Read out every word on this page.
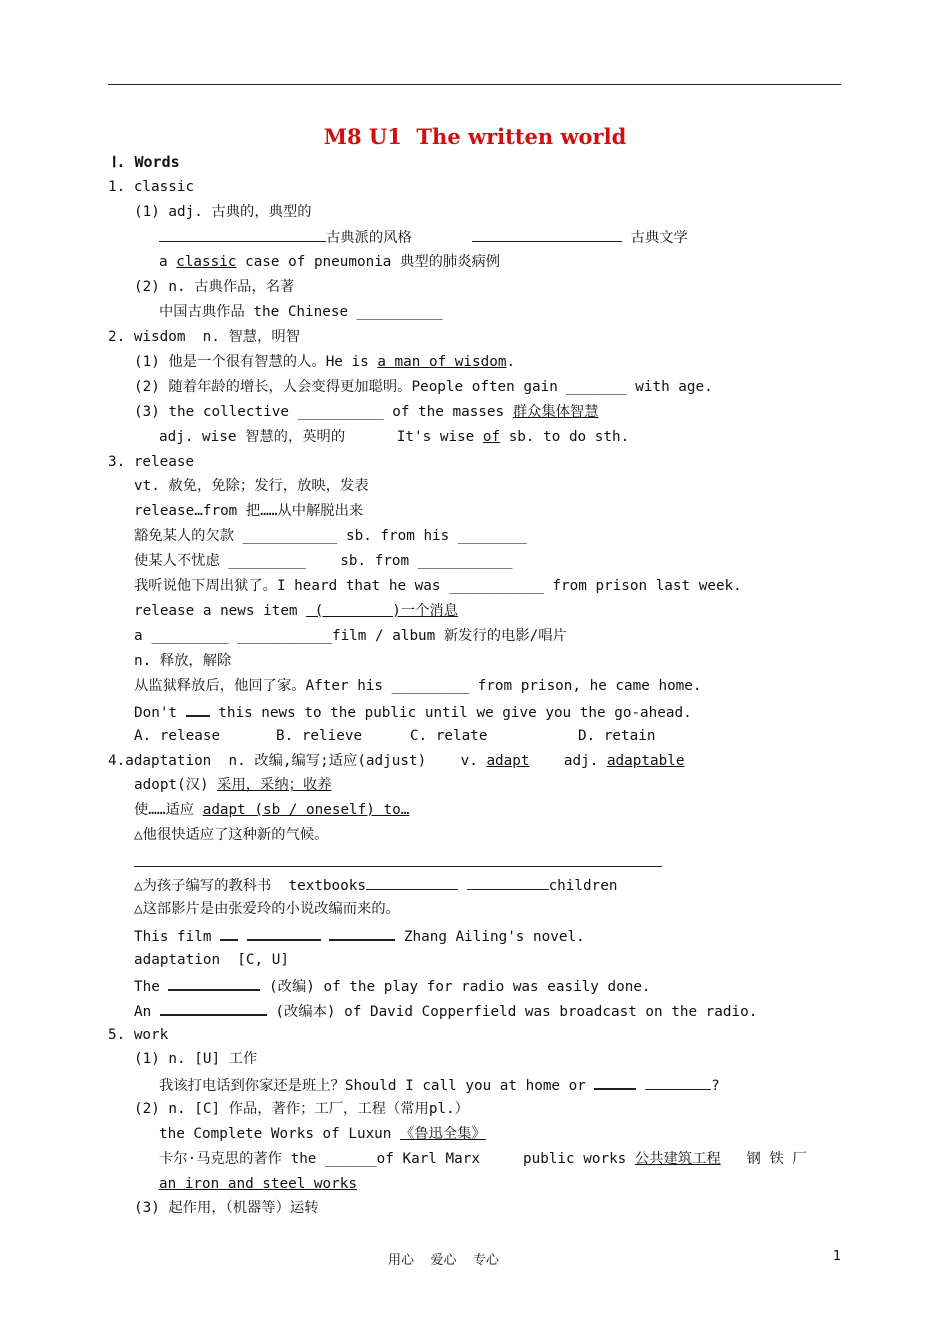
M8 U1  The written world
Ⅰ. Words
1. classic
(1) adj. 古典的，典型的
古典派的风格	古典文学
a classic case of pneumonia 典型的肺炎病例
(2) n. 古典作品，名著
中国古典作品 the Chinese __________
2. wisdom  n. 智慧，明智
(1) 他是一个很有智慧的人。He is a man of wisdom.
(2) 随着年龄的增长，人会变得更加聪明。People often gain _______ with age.
(3) the collective __________ of the masses 群众集体智慧
adj. wise 智慧的，英明的      It's wise of sb. to do sth.
3. release
vt. 赦免，免除；发行，放映，发表
release…from 把……从中解脱出来
豁免某人的欠款 ___________ sb. from his ________
使某人不忧虑 _________    sb. from ___________
我听说他下周出狱了。I heard that he was ___________ from prison last week.
release a news item  (        )一个消息
a _________ ___________film / album 新发行的电影/唱片
n. 释放，解除
从监狱释放后，他回了家。After his _________ from prison, he came home.
Don't  this news to the public until we give you the go-ahead.
A. release	B. relieve	C. relate	D. retain
4.adaptation  n. 改编,编写;适应(adjust)    v. adapt    adj. adaptable
adopt(汉) 采用，采纳；收养
使……适应 adapt (sb / oneself) to…
△他很快适应了这种新的气候。
△为孩子编写的教科书  textbooks	children
△这部影片是由张爱玲的小说改编而来的。
This film	Zhang Ailing's novel.
adaptation  [C, U]
The	(改编) of the play for radio was easily done.
An	(改编本) of David Copperfield was broadcast on the radio.
5. work
(1) n. [U] 工作
我该打电话到你家还是班上？Should I call you at home or	?
(2) n. [C] 作品，著作；工厂，工程（常用pl.）
the Complete Works of Luxun 《鲁迅全集》
卡尔·马克思的著作 the ______of Karl Marx     public works 公共建筑工程   钢 铁 厂
an iron and steel works
(3) 起作用，（机器等）运转
用心    爱心    专心	1
